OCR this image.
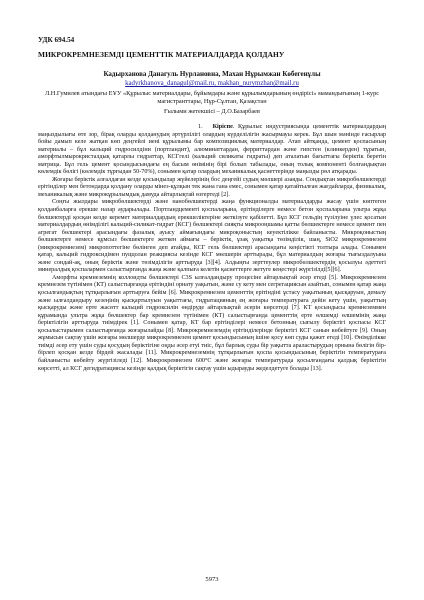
УДК 694.54
МИКРОКРЕМНЕЗЕМДІ ЦЕМЕНТТІК МАТЕРИАЛДАРДА ҚОЛДАНУ
Кадырханова Данагуль Нурлановна, Махан Нұрымжан Көбегенұлы
kadyrkhanova_danagul@mail.ru, makhan_nurymzhan@mail.ru
Л.Н.Гумилев атындағы ЕҰУ «Құрылыс материалдары, бұйымдары және құрылымдарының өндірісі» мамандығының 1-курс магистранттары, Нұр-Сұлтан, Қазақстан
Ғылыми жетекшісі – Д.О.Базарбаев

1. Кіріспе. Құрылыс индустриясында цементтік материалдардың маңыздылығы өте зор, бірақ оларды қолданудың әртүрлілігі олардың күрделілігін жасырмауы керек. Бұл шын мәнінде ғасырлар бойы дамып келе жатқан көп деңгейлі иені құрылымы бар композициялық материалдар. Атап айтқанда, цемент қоспасының материалы – бұл кальций гидросилдіни (портландит), алюминаттардан, ферриттардан және гипстен (клинкерден) тұратын, аморфтылмырокристалдық қатарлы гидраттар, КСГгелі (кальций силикаты гидраты) деп аталатын бағыттағы беріктік беретін матрица. Бұл гель цемент қосындысындағы ең басым өнімінің бірі болып табылады, оның толық компоненті болғандықтан көлемдік бөлігі (көлемдік тұрғыдан 50-70%), сонымен қатар олардың механикалық қасиеттерінде маңызды рөл атқарады.

Жоғары беріктік алғалдаған кезде қосындылар жүйелерінің бос деңгейі судың мөлшері азаяды. Сондықтан микробөлшектерді ерітінділер мен бетондарда қолдану оларды мінез-құлқын тек жана гана емес, сонымен қатар қатайтылған жағдайларда, физикалық, механикалық және микрокұрылымдық дамуда айтарлықтай өзгертеді [2].

Соңғы жылдары микробөлшектерді және нанобөлшектерді жаңа функционалды материалдарды жасау үшін көптеген қолданбаларға ерекше назар аударылады. Портландцементі қоспаларына, ерітінділерге немесе бетон қоспаларына ультра жұқа бөлшектерді қосқан кезде керемет материалдардың ерекшеліктеріне жеткізуге қабілетті. Бұл КСГ гельдің түзілуіне үлес қосатын материалдардың өнімділігі кальций-силикат-гидрат (КСГ) бөлшектері сияқты микрооңшамы қатты бөлшектерге немесе цемент пен агрегат бөлшектері арасындағы фазалық ауысу аймағындағы микроқоныстың кеуектілікке байланысты. Микроқоныстың бөлшектерге немесе құмсыз бөлшектерге жеткен аймағы – беріктік, ұзақ уақытқа төзімділік, шаң, SiO2 микрокремнезем (микрокремнезем) микропоттегіне бөлінген деп атайды, КСГ гель бөлшектері арасындағы кеңістікті толтыра алады. Сонымен қатар, кальций гидроксидімен пуццолан реакциясы кезінде КСГ мөлшерін арттырады, бұл материалдың жоғары тығыздалуына және сондай-ақ, оның беріктік және төзімділігін арттыруда [3][4]. Алдыңғы зерттеулер микробөлшектердің қосылуы әдеттегі минералдық қоспалармен салыстырғанда жаңа және қалпыға келетін қасиеттерге жетуге кеңестері жүргізілді[5][6].

Аморфты кремнеземнің коллоидты бөлшектері C3S ылғалдандыру процесіне айтарлықтай әсер етеді [5]. Микрокремнезем кремнезем түтінімен (КТ) салыстырғанда ерітіндіні орнату уақытын, және су кету мен сегрегациясын азайтып, сонымен қатар жаңа қосылғандықтың тұтқырлығын арттыруға бейім [6]. Микрокремнезем цементтің ерітіндіні ұстасу уақытының қысқаруын, демалу және ылғалдандыру кезеңінің қысқартылуын уақыттағы, гидратацияның ең жоғары температураға дейін кету үшін, уақыттың қысқаруды және ерте жасөтт кальций гидроксилін өндіруде айтарлықтай әсерін көрсетеді [7]. КТ қосындысы кремнеземмен құрамында ультра жұқа бөлшектер бар кремнезем түтінімен (КТ) салыстырғанда цементтің ерте өлшемді өлшемінің жаңа беріктілігін арттыруда тиімдірек [1]. Сонымен қатар, КТ бар ерітінділері немесе бетонның сығылу беріктігі қоспасы КСГ қосылыстарымен салыстырғанда жоғарылайды [8]. Микрокремнеземдің ерітінділерінде беріктігі КСГ санын көбейтуге [9]. Оның жұмысын сақтау үшін жоғары мөлшерде микрокремнезем цемент қосындысының ішіне қосу көп суды қажет етеді [10]. Өнімділікке тиімді әсер ету үшін суды қосудың беріктігіне оңды әсер етуі тиіс, бұл барлық суды бір уақытта араластырудың орнына бөлігін бір-бірлеп қосқан кезде бірдей жасалады [11]. Микрокремнеземнің тұтқырлығын қоспа қосындысының беріктігін температураға байланысты көбейту жүргізіледі [12]. Микрокремнезем 600°С және жоғары температурада қосылғандағы қалдық беріктігін көрсетті, ал КСГ дегидратациясы кезінде қалдық беріктігін сақтау үшін ыдырауды жеделдетуге болады [13].

5973
